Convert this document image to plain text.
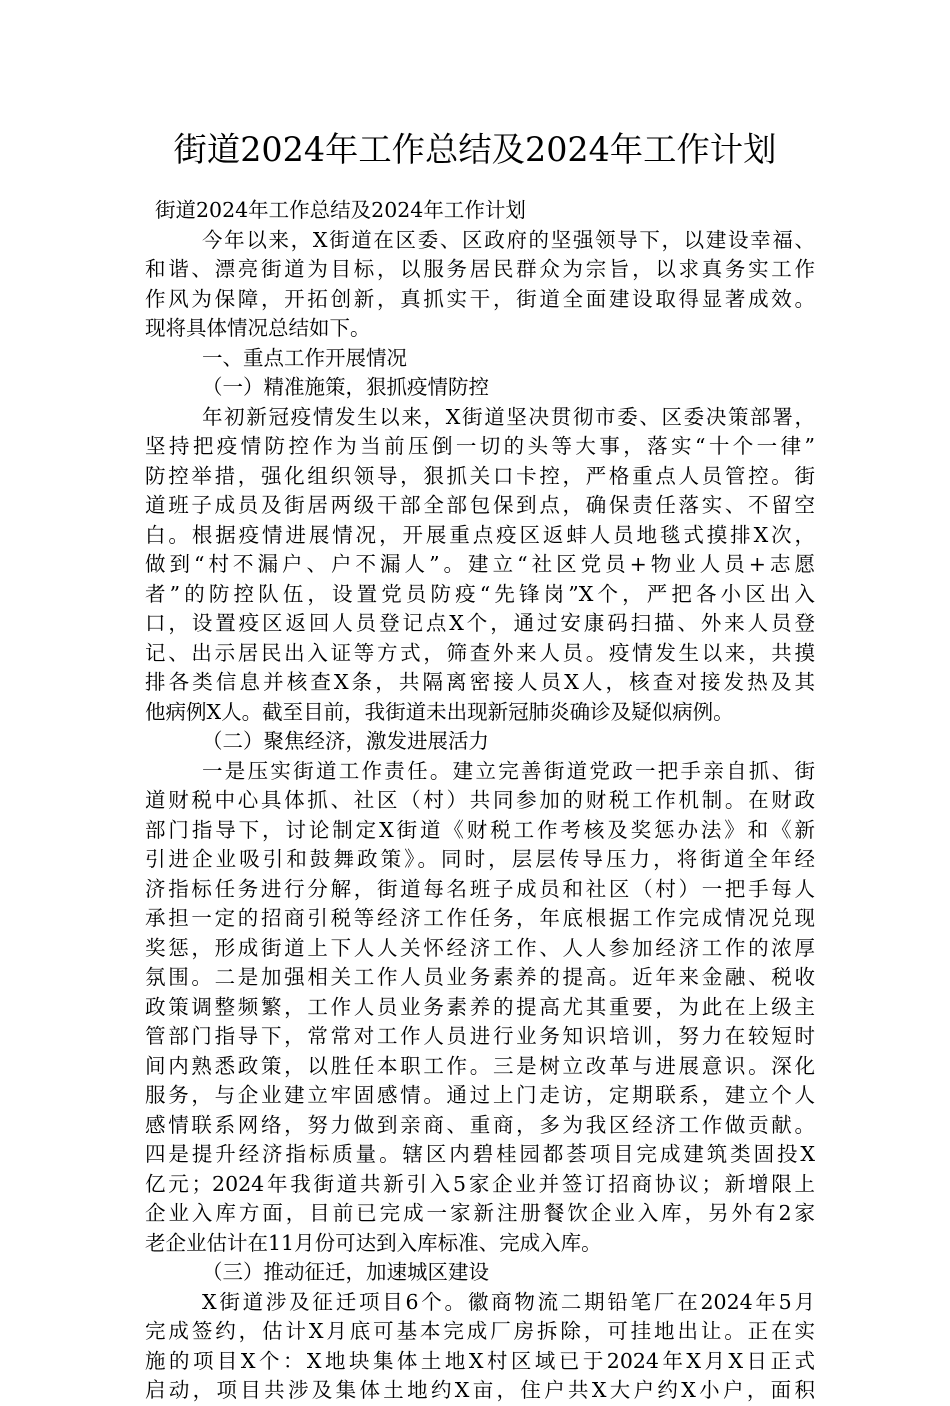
街道2024年工作总结及2024年工作计划
街道2024年工作总结及2024年工作计划
今年以来，X街道在区委、区政府的坚强领导下，以建设幸福、
和谐、漂亮街道为目标，以服务居民群众为宗旨，以求真务实工作
作风为保障，开拓创新，真抓实干，街道全面建设取得显著成效。
现将具体情况总结如下。
一、重点工作开展情况
（一）精准施策，狠抓疫情防控
年初新冠疫情发生以来，X街道坚决贯彻市委、区委决策部署，
坚持把疫情防控作为当前压倒一切的头等大事，落实“十个一律”
防控举措，强化组织领导，狠抓关口卡控，严格重点人员管控。街
道班子成员及街居两级干部全部包保到点，确保责任落实、不留空
白。根据疫情进展情况，开展重点疫区返蚌人员地毯式摸排X次，
做到“村不漏户、户不漏人”。建立“社区党员+物业人员+志愿
者”的防控队伍，设置党员防疫“先锋岗”X个，严把各小区出入
口，设置疫区返回人员登记点X个，通过安康码扫描、外来人员登
记、出示居民出入证等方式，筛查外来人员。疫情发生以来，共摸
排各类信息并核查X条，共隔离密接人员X人，核查对接发热及其
他病例X人。截至目前，我街道未出现新冠肺炎确诊及疑似病例。
（二）聚焦经济，激发进展活力
一是压实街道工作责任。建立完善街道党政一把手亲自抓、街
道财税中心具体抓、社区（村）共同参加的财税工作机制。在财政
部门指导下，讨论制定X街道《财税工作考核及奖惩办法》和《新
引进企业吸引和鼓舞政策》。同时，层层传导压力，将街道全年经
济指标任务进行分解，街道每名班子成员和社区（村）一把手每人
承担一定的招商引税等经济工作任务，年底根据工作完成情况兑现
奖惩，形成街道上下人人关怀经济工作、人人参加经济工作的浓厚
氛围。二是加强相关工作人员业务素养的提高。近年来金融、税收
政策调整频繁，工作人员业务素养的提高尤其重要，为此在上级主
管部门指导下，常常对工作人员进行业务知识培训，努力在较短时
间内熟悉政策，以胜任本职工作。三是树立改革与进展意识。深化
服务，与企业建立牢固感情。通过上门走访，定期联系，建立个人
感情联系网络，努力做到亲商、重商，多为我区经济工作做贡献。
四是提升经济指标质量。辖区内碧桂园都荟项目完成建筑类固投X
亿元；2024年我街道共新引入5家企业并签订招商协议；新增限上
企业入库方面，目前已完成一家新注册餐饮企业入库，另外有2家
老企业估计在11月份可达到入库标准、完成入库。
（三）推动征迁，加速城区建设
X街道涉及征迁项目6个。徽商物流二期铅笔厂在2024年5月
完成签约，估计X月底可基本完成厂房拆除，可挂地出让。正在实
施的项目X个：X地块集体土地X村区域已于2024年X月X日正式
启动，项目共涉及集体土地约X亩，住户共X大户约X小户，面积
